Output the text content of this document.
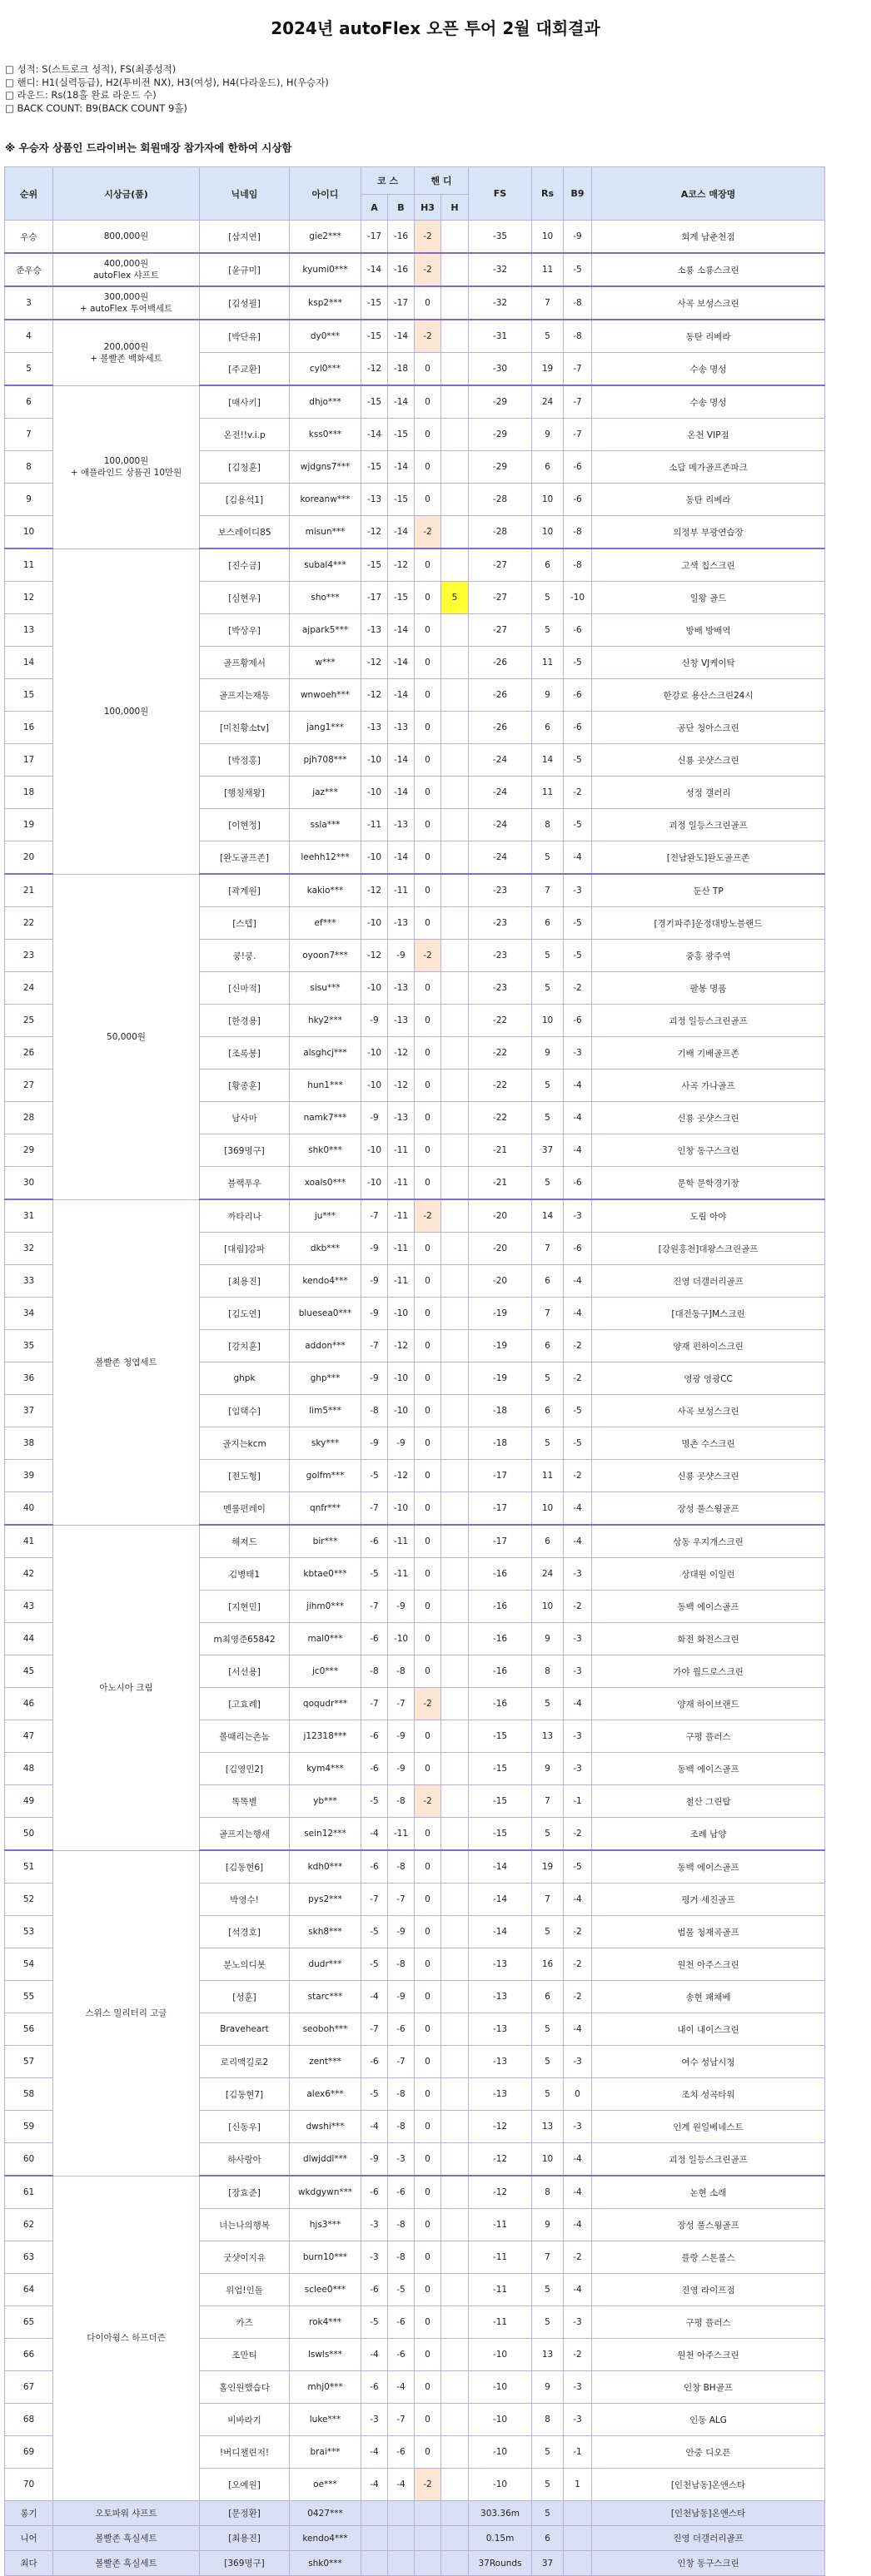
2024년 autoFlex 오픈 투어 2월 대회결과
□ 성적: S(스트로크 성적), FS(최종성적)
□ 핸디: H1(실력등급), H2(투비전 NX), H3(여성), H4(다라운드), H(우승자)
□ 라운드: Rs(18홀 완료 라운드 수)
□ BACK COUNT: B9(BACK COUNT 9홀)
※ 우승자 상품인 드라이버는 회원매장 참가자에 한하여 시상함
순위	시상금(품)	닉네임	아이디	코 스		핸 디		FS	Rs	B9	A코스 매장명
				A	B	H3	H				
우승	800,000원	[삼지연]	gie2***	-17	-16	-2		-35	10	-9	회계 남춘천점
준우승	400,000원
autoFlex 샤프트	[윤규미]	kyumi0***	-14	-16	-2		-32	11	-5	소룡 소룡스크린
3	300,000원
+ autoFlex 투어백세트	[김성필]	ksp2***	-15	-17	0		-32	7	-8	사곡 보성스크린
4	200,000원
+ 볼빨존 백화세트	[박단유]	dy0***	-15	-14	-2		-31	5	-8	동탄 리베라
5		[주교환]	cyl0***	-12	-18	0		-30	19	-7	수송 명성
6	100,000원
+ 애플라인드 상품권 10만원	[매사키]	dhjo***	-15	-14	0		-29	24	-7	수송 명성
7		온전!!v.i.p	kss0***	-14	-15	0		-29	9	-7	온천 VIP점
8		[김청훈]	wjdgns7***	-15	-14	0		-29	6	-6	소담 메가골프존파크
9		[김용석1]	koreanw***	-13	-15	0		-28	10	-6	동탄 리베라
10		보스레이디85	misun***	-12	-14	-2		-28	10	-8	의정부 부광연습장
11	100,000원	[진수금]	subal4***	-15	-12	0		-27	6	-8	고색 칩스크린
12		[심현우]	sho***	-17	-15	0	5	-27	5	-10	일왕 골드
13		[박상우]	ajpark5***	-13	-14	0		-27	5	-6	방배 방배역
14		골프황제서	w***	-12	-14	0		-26	11	-5	신창 VJ케이탁
15		골프지는재동	wnwoeh***	-12	-14	0		-26	9	-6	한강로 용산스크린24시
16		[미친황소tv]	jang1***	-13	-13	0		-26	6	-6	공단 청아스크린
17		[박정홍]	pjh708***	-10	-14	0		-24	14	-5	신룡 곳샷스크린
18		[행칭채왕]	jaz***	-10	-14	0		-24	11	-2	성정 갤러리
19		[이현정]	ssla***	-11	-13	0		-24	8	-5	괴정 일등스크린골프
20		[완도골프존]	leehh12***	-10	-14	0		-24	5	-4	[전남완도]완도골프존
21	50,000원	[곽계원]	kakio***	-12	-11	0		-23	7	-3	둔산 TP
22		[스텝]	ef***	-10	-13	0		-23	6	-5	[경기파주]운정대방노블랜드
23		쿵!쿵.	oyoon7***	-12	-9	-2		-23	5	-5	중흥 광주역
24		[신마적]	sisu***	-10	-13	0		-23	5	-2	팔봉 명품
25		[한경용]	hky2***	-9	-13	0		-22	10	-6	괴정 일등스크린골프
26		[조록봉]	alsghcj***	-10	-12	0		-22	9	-3	기배 기배골프존
27		[황종훈]	hun1***	-10	-12	0		-22	5	-4	사곡 가나골프
28		남사마	namk7***	-9	-13	0		-22	5	-4	신룡 곳샷스크린
29		[369명구]	shk0***	-10	-11	0		-21	37	-4	인창 동구스크린
30		블랙푸우	xoals0***	-10	-11	0		-21	5	-6	문학 문학경기장
31	볼빨존 청엽세트	까타리나	ju***	-7	-11	-2		-20	14	-3	도림 아야
32		[대림]강파	dkb***	-9	-11	0		-20	7	-6	[강원홍천]대왕스크린골프
33		[최용진]	kendo4***	-9	-11	0		-20	6	-4	진영 더갤러리골프
34		[김도연]	bluesea0***	-9	-10	0		-19	7	-4	[대전동구]M스크린
35		[강치훈]	addon***	-7	-12	0		-19	6	-2	양재 펀하이스크린
36		ghpk	ghp***	-9	-10	0		-19	5	-2	영광 영광CC
37		[임택수]	lim5***	-8	-10	0		-18	6	-5	사곡 보성스크린
38		골지는kcm	sky***	-9	-9	0		-18	5	-5	명촌 수스크린
39		[전도형]	golfm***	-5	-12	0		-17	11	-2	신룡 곳샷스크린
40		멘롤펀레이	qnfr***	-7	-10	0		-17	10	-4	장성 풀스윙골프
41	아노시아 크림	해져드	bir***	-6	-11	0		-17	6	-4	상동 우지개스크린
42		김병태1	kbtae0***	-5	-11	0		-16	24	-3	상대원 이일런
43		[지현민]	jihm0***	-7	-9	0		-16	10	-2	동백 에이스골프
44		m최영준65842	mal0***	-6	-10	0		-16	9	-3	화전 화전스크린
45		[서선용]	jc0***	-8	-8	0		-16	8	-3	가야 월드로스크린
46		[고효례]	qoqudr***	-7	-7	-2		-16	5	-4	양재 하이브랜드
47		볼때리는촌놈	j12318***	-6	-9	0		-15	13	-3	구평 플러스
48		[김영민2]	kym4***	-6	-9	0		-15	9	-3	동백 에이스골프
49		똑똑별	yb***	-5	-8	-2		-15	7	-1	철산 그린탑
50		골프지는행새	sein12***	-4	-11	0		-15	5	-2	조례 남양
51	스위스 밀리터리 고글	[김동현6]	kdh0***	-6	-8	0		-14	19	-5	동백 에이스골프
52		박영수!	pys2***	-7	-7	0		-14	7	-4	평거 세진골프
53		[석경호]	skh8***	-5	-9	0		-14	5	-2	범물 청재곡골프
54		분노의디봇	dudr***	-5	-8	0		-13	16	-2	원천 아주스크린
55		[성훈]	starc***	-4	-9	0		-13	6	-2	송현 패채베
56		Braveheart	seoboh***	-7	-6	0		-13	5	-4	내이 내이스크린
57		로리맥길로2	zent***	-6	-7	0		-13	5	-3	여수 성남시청
58		[김동현7]	alex6***	-5	-8	0		-13	5	0	조치 성곡타워
59		[신동우]	dwshi***	-4	-8	0		-12	13	-3	인계 원일베네스트
60		하사랑아	dlwjddl***	-9	-3	0		-12	10	-4	괴정 일등스크린골프
61	다이아윙스 하프더즌	[장효준]	wkdgywn***	-6	-6	0		-12	8	-4	논현 소래
62		너는나의행복	hjs3***	-3	-8	0		-11	9	-4	장성 풀스윙골프
63		굿샷이지유	burn10***	-3	-8	0		-11	7	-2	플랑 스톤롤스
64		위엄!인돌	sclee0***	-6	-5	0		-11	5	-4	진영 라이프점
65		카즈	rok4***	-5	-6	0		-11	5	-3	구평 플러스
66		조만티	lswls***	-4	-6	0		-10	13	-2	원천 아주스크린
67		홀인원했습다	mhj0***	-6	-4	0		-10	9	-3	인창 BH골프
68		비바라기	luke***	-3	-7	0		-10	8	-3	인동 ALG
69		!버디챌린저!	brai***	-4	-6	0		-10	5	-1	안중 디오픈
70		[오예원]	oe***	-4	-4	-2		-10	5	1	[인천남동]온앤스타
롱기	오토파워 샤프트	[문정환]	0427***					303.36m	5		[인천남동]온앤스타
니어	볼빨존 흑실세트	[최용진]	kendo4***					0.15m	6		진영 더갤러리골프
최다	볼빨존 흑실세트	[369명구]	shk0***					37Rounds	37		인창 동구스크린
